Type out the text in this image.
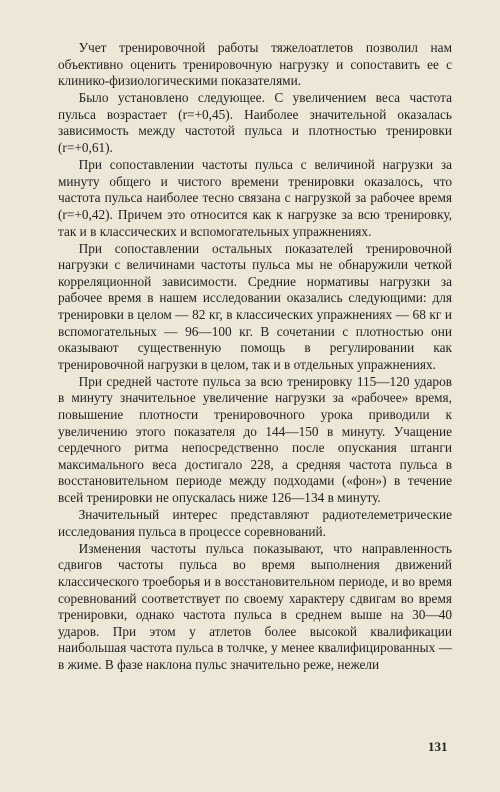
Учет тренировочной работы тяжелоатлетов позволил нам объективно оценить тренировочную нагрузку и сопоставить ее с клинико-физиологическими показателями.

Было установлено следующее. С увеличением веса частота пульса возрастает (r=+0,45). Наиболее значительной оказалась зависимость между частотой пульса и плотностью тренировки (r=+0,61).

При сопоставлении частоты пульса с величиной нагрузки за минуту общего и чистого времени тренировки оказалось, что частота пульса наиболее тесно связана с нагрузкой за рабочее время (r=+0,42). Причем это относится как к нагрузке за всю тренировку, так и в классических и вспомогательных упражнениях.

При сопоставлении остальных показателей тренировочной нагрузки с величинами частоты пульса мы не обнаружили четкой корреляционной зависимости. Средние нормативы нагрузки за рабочее время в нашем исследовании оказались следующими: для тренировки в целом — 82 кг, в классических упражнениях — 68 кг и вспомогательных — 96—100 кг. В сочетании с плотностью они оказывают существенную помощь в регулировании как тренировочной нагрузки в целом, так и в отдельных упражнениях.

При средней частоте пульса за всю тренировку 115—120 ударов в минуту значительное увеличение нагрузки за «рабочее» время, повышение плотности тренировочного урока приводили к увеличению этого показателя до 144—150 в минуту. Учащение сердечного ритма непосредственно после опускания штанги максимального веса достигало 228, а средняя частота пульса в восстановительном периоде между подходами («фон») в течение всей тренировки не опускалась ниже 126—134 в минуту.

Значительный интерес представляют радиотелеметрические исследования пульса в процессе соревнований.

Изменения частоты пульса показывают, что направленность сдвигов частоты пульса во время выполнения движений классического троеборья и в восстановительном периоде, и во время соревнований соответствует по своему характеру сдвигам во время тренировки, однако частота пульса в среднем выше на 30—40 ударов. При этом у атлетов более высокой квалификации наибольшая частота пульса в толчке, у менее квалифицированных — в жиме. В фазе наклона пульс значительно реже, нежели

131
